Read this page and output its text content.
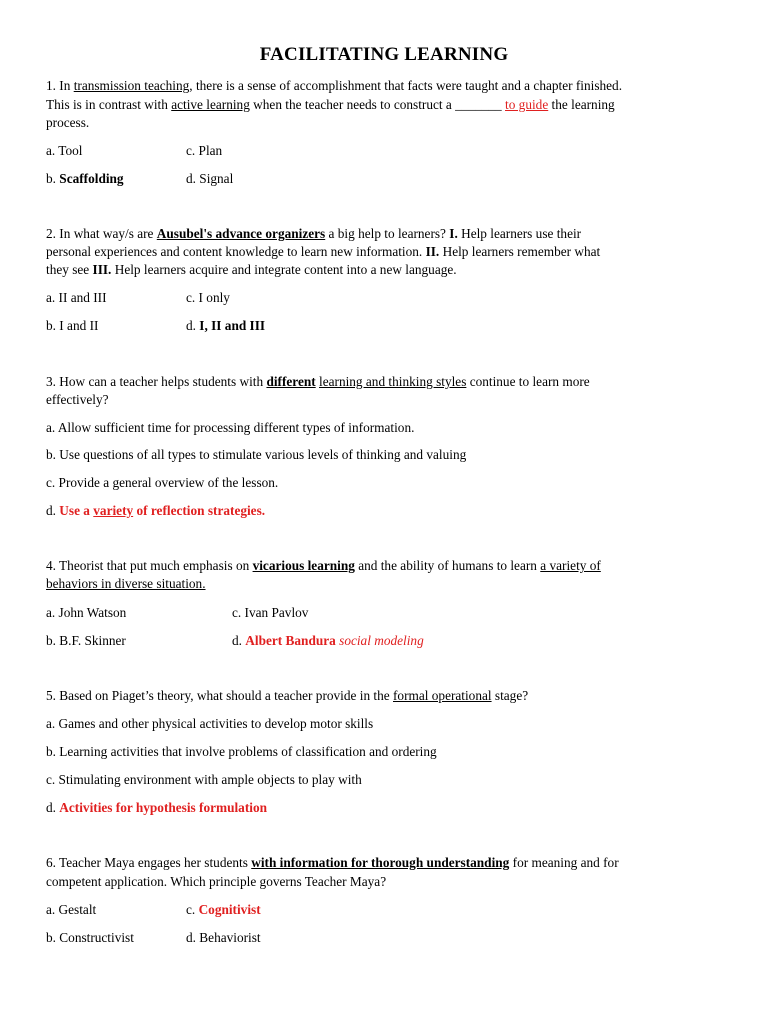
FACILITATING LEARNING
1. In transmission teaching, there is a sense of accomplishment that facts were taught and a chapter finished.
This is in contrast with active learning when the teacher needs to construct a _______ to guide the learning
process.
a. Tool	c. Plan
b. Scaffolding	d. Signal
2. In what way/s are Ausubel's advance organizers a big help to learners? I. Help learners use their
personal experiences and content knowledge to learn new information. II. Help learners remember what
they see III. Help learners acquire and integrate content into a new language.
a. II and III	c. I only
b. I and II	d. I, II and III
3. How can a teacher helps students with different learning and thinking styles continue to learn more
effectively?
a. Allow sufficient time for processing different types of information.
b. Use questions of all types to stimulate various levels of thinking and valuing
c. Provide a general overview of the lesson.
d. Use a variety of reflection strategies.
4. Theorist that put much emphasis on vicarious learning and the ability of humans to learn a variety of
behaviors in diverse situation.
a. John Watson	c. Ivan Pavlov
b. B.F. Skinner	d. Albert Bandura social modeling
5. Based on Piaget’s theory, what should a teacher provide in the formal operational stage?
a. Games and other physical activities to develop motor skills
b. Learning activities that involve problems of classification and ordering
c. Stimulating environment with ample objects to play with
d. Activities for hypothesis formulation
6. Teacher Maya engages her students with information for thorough understanding for meaning and for
competent application. Which principle governs Teacher Maya?
a. Gestalt	c. Cognitivist
b. Constructivist	d. Behaviorist
